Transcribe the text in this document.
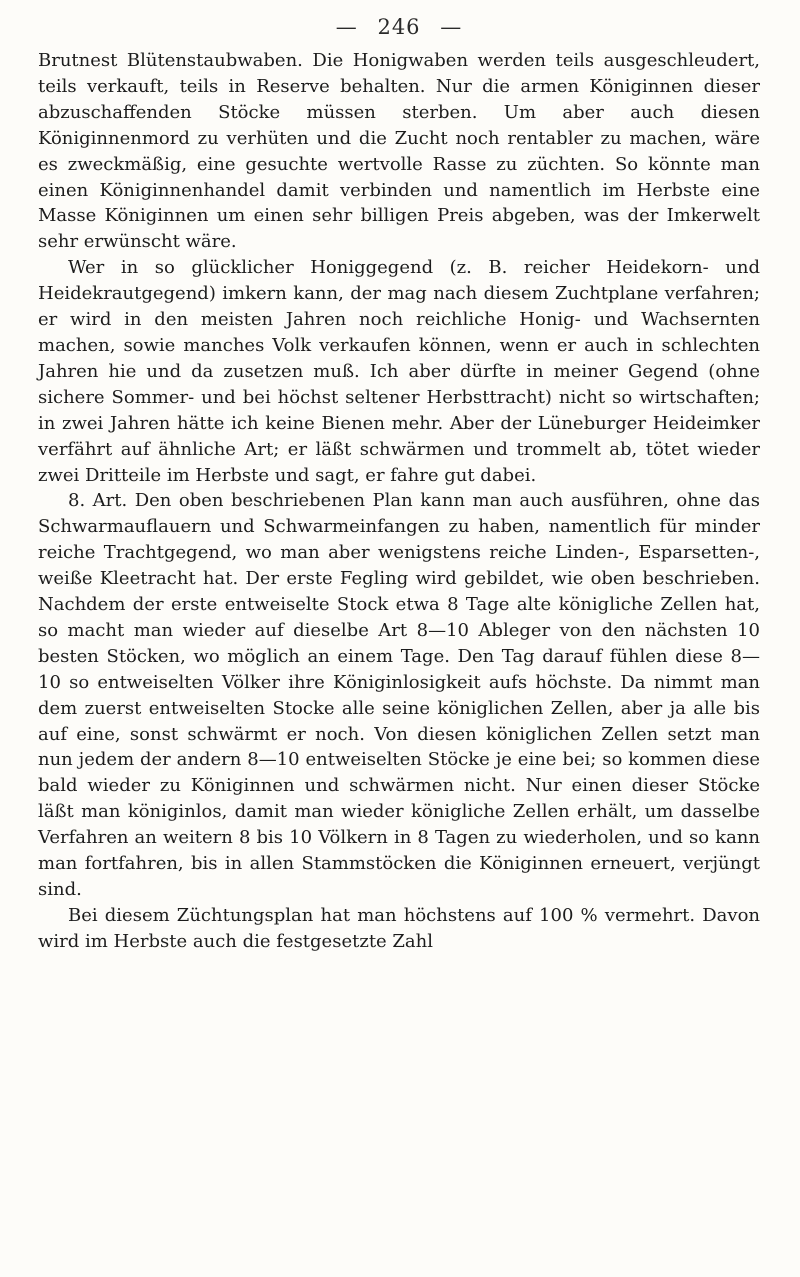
— 246 —

Brutnest Blütenstaubwaben. Die Honigwaben werden teils ausgeschleudert, teils verkauft, teils in Reserve behalten. Nur die armen Königinnen dieser abzuschaffenden Stöcke müssen sterben. Um aber auch diesen Königinnenmord zu verhüten und die Zucht noch rentabler zu machen, wäre es zweckmäßig, eine gesuchte wertvolle Rasse zu züchten. So könnte man einen Königinnenhandel damit verbinden und namentlich im Herbste eine Masse Königinnen um einen sehr billigen Preis abgeben, was der Imkerwelt sehr erwünscht wäre.

Wer in so glücklicher Honiggegend (z. B. reicher Heidekorn- und Heidekrautgegend) imkern kann, der mag nach diesem Zuchtplane verfahren; er wird in den meisten Jahren noch reichliche Honig- und Wachsernten machen, sowie manches Volk verkaufen können, wenn er auch in schlechten Jahren hie und da zusetzen muß. Ich aber dürfte in meiner Gegend (ohne sichere Sommer- und bei höchst seltener Herbsttracht) nicht so wirtschaften; in zwei Jahren hätte ich keine Bienen mehr. Aber der Lüneburger Heideimker verfährt auf ähnliche Art; er läßt schwärmen und trommelt ab, tötet wieder zwei Dritteile im Herbste und sagt, er fahre gut dabei.

8. Art. Den oben beschriebenen Plan kann man auch ausführen, ohne das Schwarmauflauern und Schwarmeinfangen zu haben, namentlich für minder reiche Trachtgegend, wo man aber wenigstens reiche Linden-, Esparsetten-, weiße Kleetracht hat. Der erste Fegling wird gebildet, wie oben beschrieben. Nachdem der erste entweiselte Stock etwa 8 Tage alte königliche Zellen hat, so macht man wieder auf dieselbe Art 8—10 Ableger von den nächsten 10 besten Stöcken, wo möglich an einem Tage. Den Tag darauf fühlen diese 8—10 so entweiselten Völker ihre Königinlosigkeit aufs höchste. Da nimmt man dem zuerst entweiselten Stocke alle seine königlichen Zellen, aber ja alle bis auf eine, sonst schwärmt er noch. Von diesen königlichen Zellen setzt man nun jedem der andern 8—10 entweiselten Stöcke je eine bei; so kommen diese bald wieder zu Königinnen und schwärmen nicht. Nur einen dieser Stöcke läßt man königinlos, damit man wieder königliche Zellen erhält, um dasselbe Verfahren an weitern 8 bis 10 Völkern in 8 Tagen zu wiederholen, und so kann man fortfahren, bis in allen Stammstöcken die Königinnen erneuert, verjüngt sind.

Bei diesem Züchtungsplan hat man höchstens auf 100 % vermehrt. Davon wird im Herbste auch die festgesetzte Zahl
